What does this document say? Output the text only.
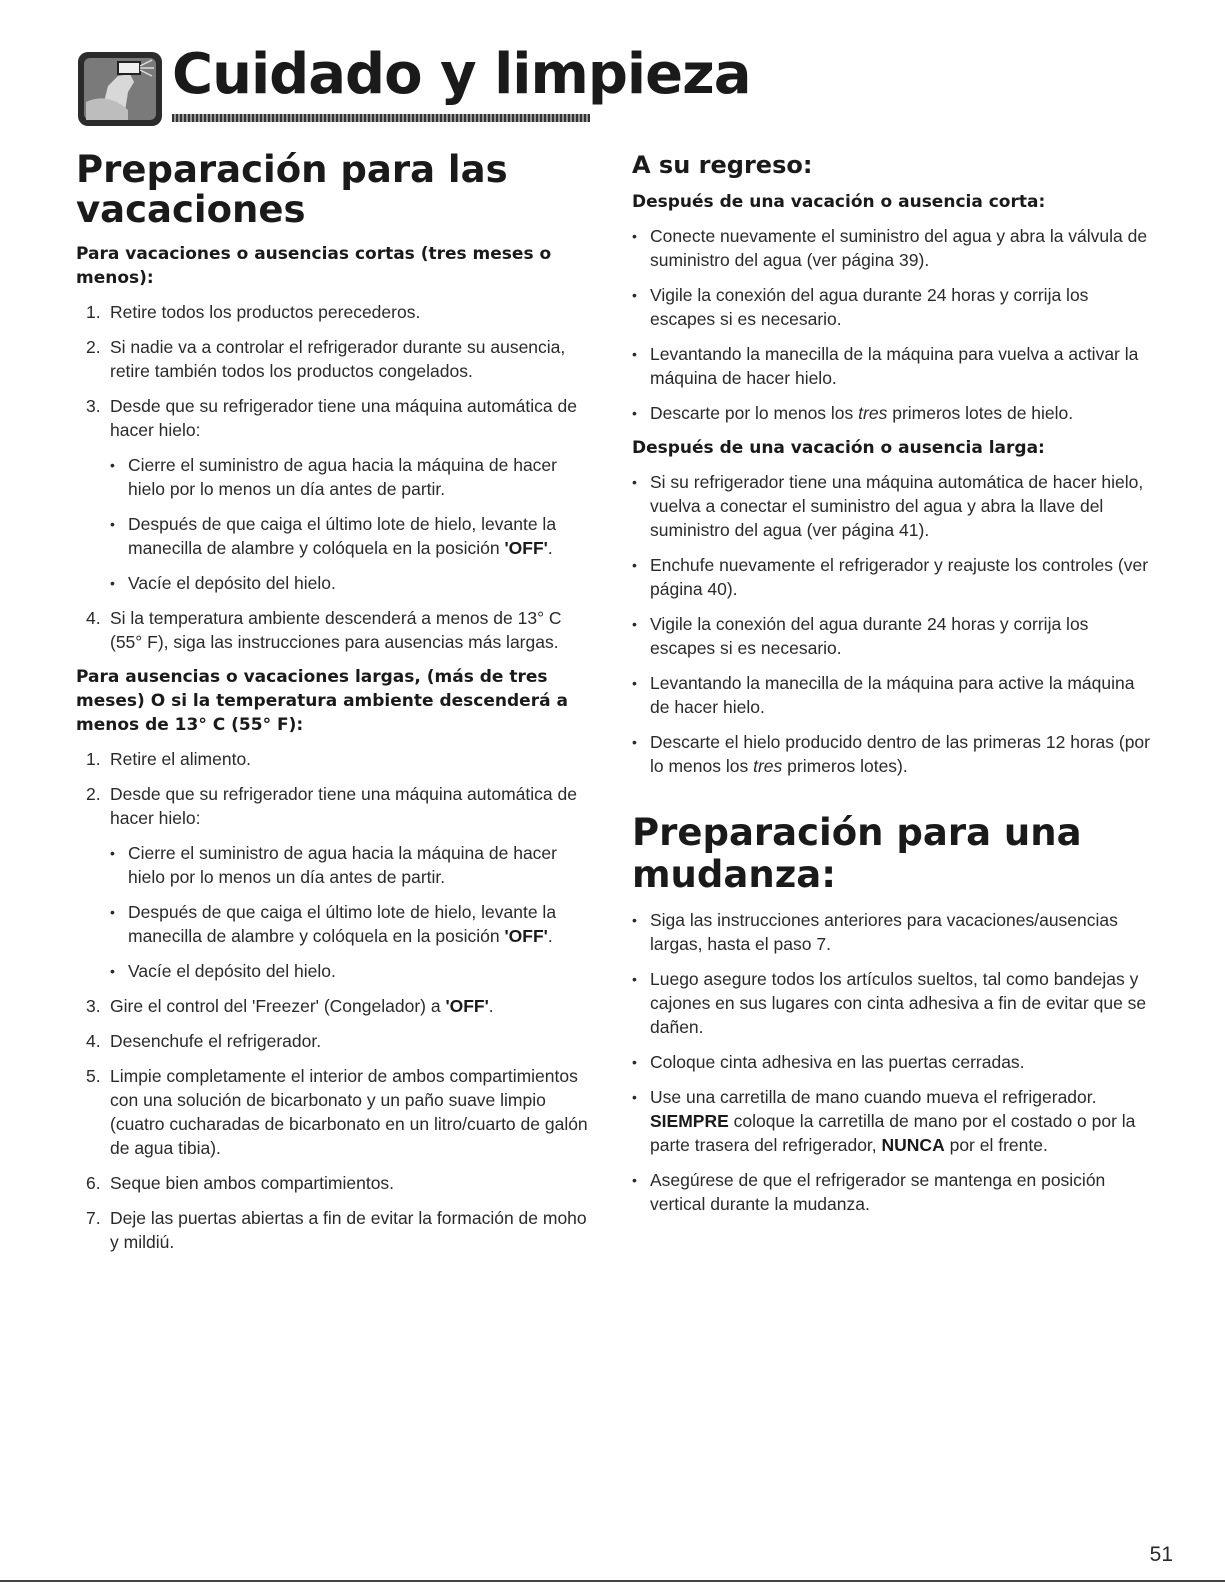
Cuidado y limpieza
Preparación para las vacaciones
Para vacaciones o ausencias cortas (tres meses o menos):
1. Retire todos los productos perecederos.
2. Si nadie va a controlar el refrigerador durante su ausencia, retire también todos los productos congelados.
3. Desde que su refrigerador tiene una máquina automática de hacer hielo:
• Cierre el suministro de agua hacia la máquina de hacer hielo por lo menos un día antes de partir.
• Después de que caiga el último lote de hielo, levante la manecilla de alambre y colóquela en la posición 'OFF'.
• Vacíe el depósito del hielo.
4. Si la temperatura ambiente descenderá a menos de 13° C (55° F), siga las instrucciones para ausencias más largas.
Para ausencias o vacaciones largas, (más de tres meses) O si la temperatura ambiente descenderá a menos de 13° C (55° F):
1. Retire el alimento.
2. Desde que su refrigerador tiene una máquina automática de hacer hielo:
• Cierre el suministro de agua hacia la máquina de hacer hielo por lo menos un día antes de partir.
• Después de que caiga el último lote de hielo, levante la manecilla de alambre y colóquela en la posición 'OFF'.
• Vacíe el depósito del hielo.
3. Gire el control del 'Freezer' (Congelador) a 'OFF'.
4. Desenchufe el refrigerador.
5. Limpie completamente el interior de ambos compartimientos con una solución de bicarbonato y un paño suave limpio (cuatro cucharadas de bicarbonato en un litro/cuarto de galón de agua tibia).
6. Seque bien ambos compartimientos.
7. Deje las puertas abiertas a fin de evitar la formación de moho y mildiú.
A su regreso:
Después de una vacación o ausencia corta:
• Conecte nuevamente el suministro del agua y abra la válvula de suministro del agua (ver página 39).
• Vigile la conexión del agua durante 24 horas y corrija los escapes si es necesario.
• Levantando la manecilla de la máquina para vuelva a activar la máquina de hacer hielo.
• Descarte por lo menos los tres primeros lotes de hielo.
Después de una vacación o ausencia larga:
• Si su refrigerador tiene una máquina automática de hacer hielo, vuelva a conectar el suministro del agua y abra la llave del suministro del agua (ver página 41).
• Enchufe nuevamente el refrigerador y reajuste los controles (ver página 40).
• Vigile la conexión del agua durante 24 horas y corrija los escapes si es necesario.
• Levantando la manecilla de la máquina para active la máquina de hacer hielo.
• Descarte el hielo producido dentro de las primeras 12 horas (por lo menos los tres primeros lotes).
Preparación para una mudanza:
• Siga las instrucciones anteriores para vacaciones/ausencias largas, hasta el paso 7.
• Luego asegure todos los artículos sueltos, tal como bandejas y cajones en sus lugares con cinta adhesiva a fin de evitar que se dañen.
• Coloque cinta adhesiva en las puertas cerradas.
• Use una carretilla de mano cuando mueva el refrigerador. SIEMPRE coloque la carretilla de mano por el costado o por la parte trasera del refrigerador, NUNCA por el frente.
• Asegúrese de que el refrigerador se mantenga en posición vertical durante la mudanza.
51
